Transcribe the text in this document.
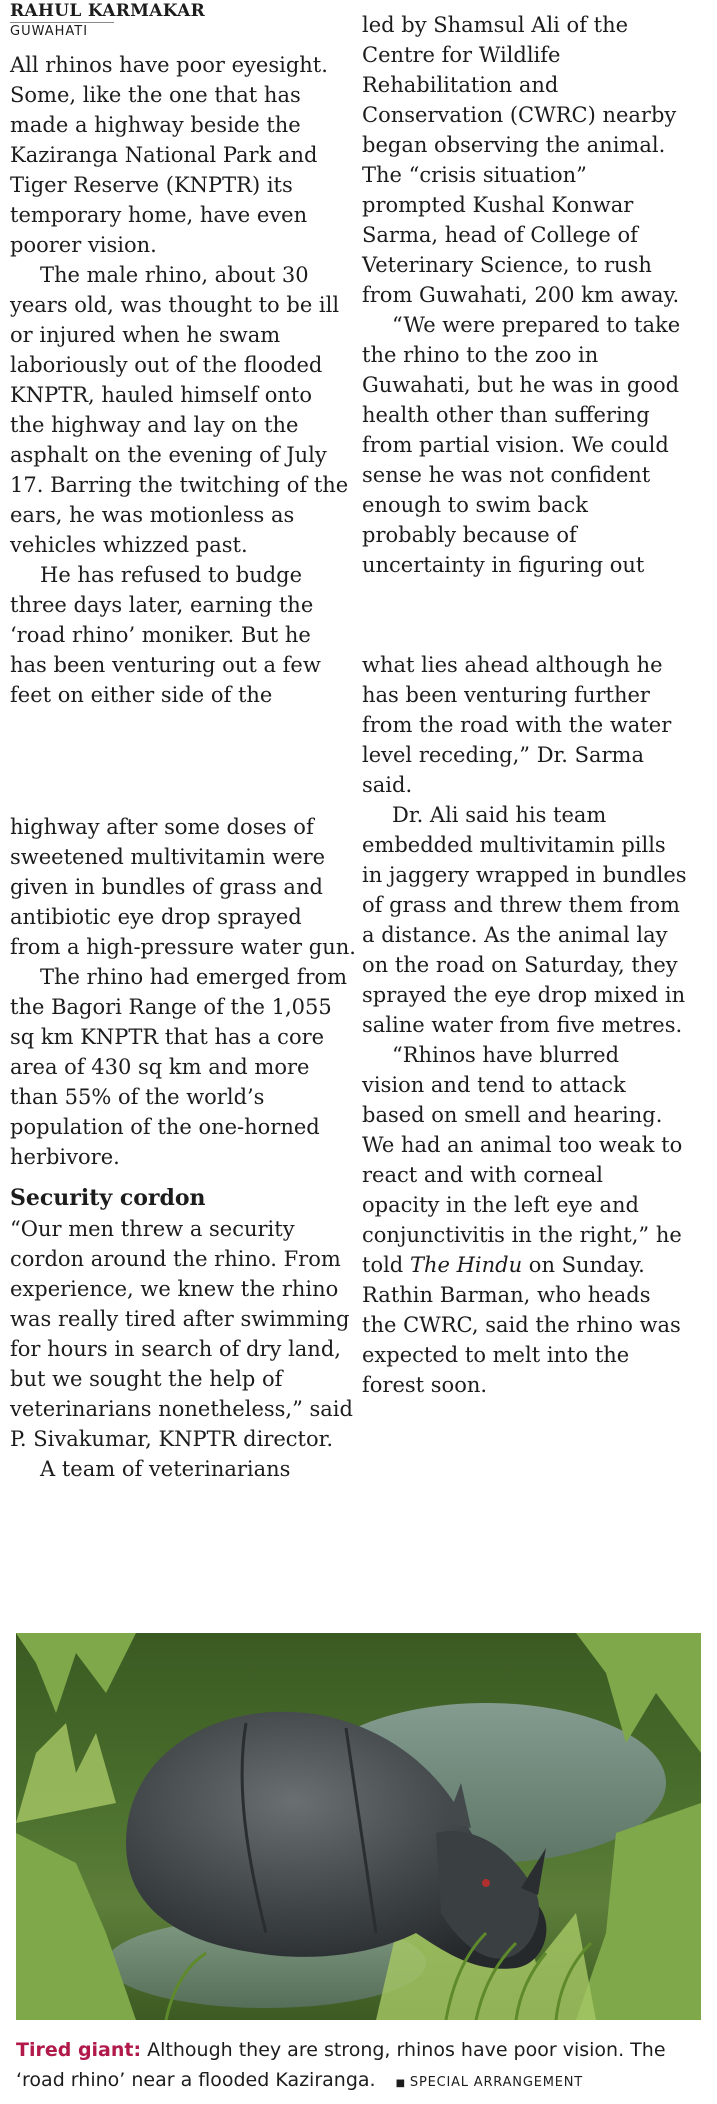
RAHUL KARMAKAR
GUWAHATI

All rhinos have poor eyesight. Some, like the one that has made a highway beside the Kaziranga National Park and Tiger Reserve (KNPTR) its temporary home, have even poorer vision.

The male rhino, about 30 years old, was thought to be ill or injured when he swam laboriously out of the flooded KNPTR, hauled himself onto the highway and lay on the asphalt on the evening of July 17. Barring the twitching of the ears, he was motionless as vehicles whizzed past.

He has refused to budge three days later, earning the ‘road rhino’ moniker. But he has been venturing out a few feet on either side of the

highway after some doses of sweetened multivitamin were given in bundles of grass and antibiotic eye drop sprayed from a high-pressure water gun.

The rhino had emerged from the Bagori Range of the 1,055 sq km KNPTR that has a core area of 430 sq km and more than 55% of the world’s population of the one-horned herbivore.

Security cordon

“Our men threw a security cordon around the rhino. From experience, we knew the rhino was really tired after swimming for hours in search of dry land, but we sought the help of veterinarians nonetheless,” said P. Sivakumar, KNPTR director.

A team of veterinarians

led by Shamsul Ali of the Centre for Wildlife Rehabilitation and Conservation (CWRC) nearby began observing the animal. The “crisis situation” prompted Kushal Konwar Sarma, head of College of Veterinary Science, to rush from Guwahati, 200 km away.

“We were prepared to take the rhino to the zoo in Guwahati, but he was in good health other than suffering from partial vision. We could sense he was not confident enough to swim back probably because of uncertainty in figuring out

what lies ahead although he has been venturing further from the road with the water level receding,” Dr. Sarma said.

Dr. Ali said his team embedded multivitamin pills in jaggery wrapped in bundles of grass and threw them from a distance. As the animal lay on the road on Saturday, they sprayed the eye drop mixed in saline water from five metres.

“Rhinos have blurred vision and tend to attack based on smell and hearing. We had an animal too weak to react and with corneal opacity in the left eye and conjunctivitis in the right,” he told The Hindu on Sunday. Rathin Barman, who heads the CWRC, said the rhino was expected to melt into the forest soon.

Tired giant: Although they are strong, rhinos have poor vision. The ‘road rhino’ near a flooded Kaziranga. ■	SPECIAL ARRANGEMENT
